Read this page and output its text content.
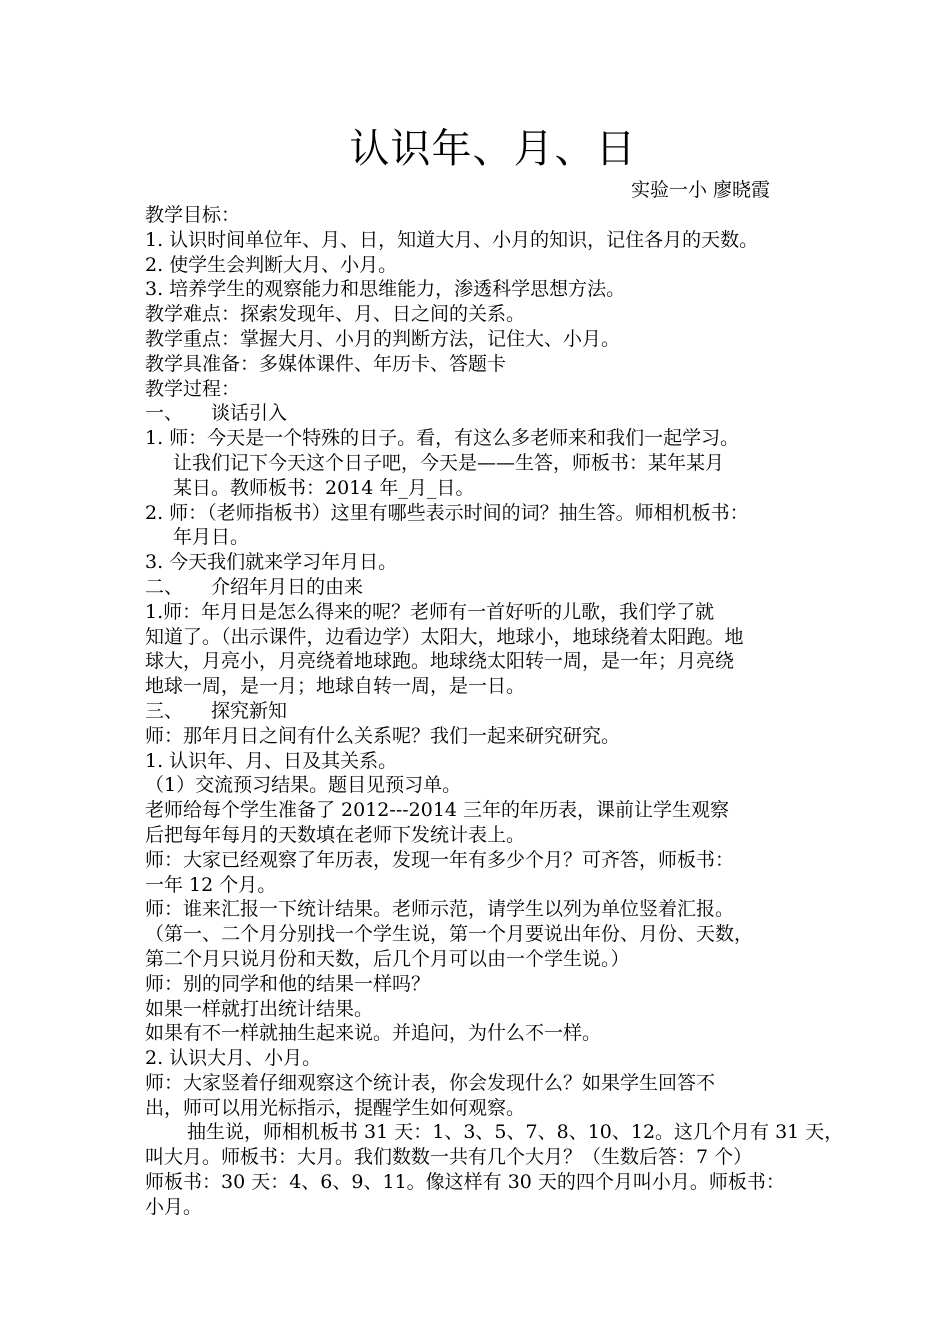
认识年、月、日

实验一小 廖晓霞

教学目标：

1. 认识时间单位年、月、日，知道大月、小月的知识，记住各月的天数。

2. 使学生会判断大月、小月。

3. 培养学生的观察能力和思维能力，渗透科学思想方法。

教学难点：探索发现年、月、日之间的关系。

教学重点：掌握大月、小月的判断方法，记住大、小月。

教学具准备：多媒体课件、年历卡、答题卡

教学过程：

一、 谈话引入

1. 师：今天是一个特殊的日子。看，有这么多老师来和我们一起学习。

让我们记下今天这个日子吧，今天是——生答，师板书：某年某月

某日。教师板书：2014 年_月_日。

2. 师：（老师指板书）这里有哪些表示时间的词？抽生答。师相机板书：

年月日。

3. 今天我们就来学习年月日。

二、 介绍年月日的由来

1.师：年月日是怎么得来的呢？老师有一首好听的儿歌，我们学了就

知道了。（出示课件，边看边学）太阳大，地球小，地球绕着太阳跑。地

球大，月亮小，月亮绕着地球跑。地球绕太阳转一周，是一年；月亮绕

地球一周，是一月；地球自转一周，是一日。

三、 探究新知

师：那年月日之间有什么关系呢？我们一起来研究研究。

1. 认识年、月、日及其关系。

（1）交流预习结果。题目见预习单。

老师给每个学生准备了 2012---2014 三年的年历表，课前让学生观察

后把每年每月的天数填在老师下发统计表上。

师：大家已经观察了年历表，发现一年有多少个月？可齐答，师板书：

一年 12 个月。

师：谁来汇报一下统计结果。老师示范，请学生以列为单位竖着汇报。

（第一、二个月分别找一个学生说，第一个月要说出年份、月份、天数，

第二个月只说月份和天数，后几个月可以由一个学生说。）

师：别的同学和他的结果一样吗？

如果一样就打出统计结果。

如果有不一样就抽生起来说。并追问，为什么不一样。

2. 认识大月、小月。

师：大家竖着仔细观察这个统计表，你会发现什么？如果学生回答不

出，师可以用光标指示，提醒学生如何观察。

抽生说，师相机板书 31 天：1、3、5、7、8、10、12。这几个月有 31 天，

叫大月。师板书：大月。我们数数一共有几个大月？（生数后答：7 个）

师板书：30 天：4、6、9、11。像这样有 30 天的四个月叫小月。师板书：

小月。
